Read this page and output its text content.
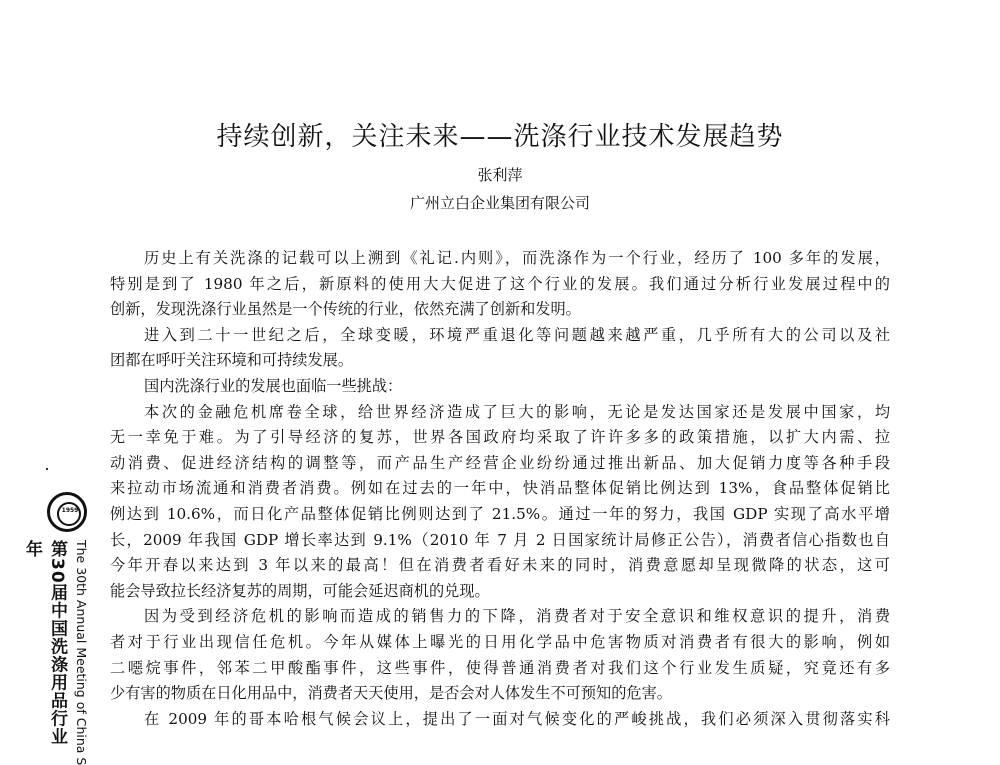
持续创新，关注未来——洗涤行业技术发展趋势
张利萍
广州立白企业集团有限公司
历史上有关洗涤的记载可以上溯到《礼记.内则》，而洗涤作为一个行业，经历了 100 多年的发展，
特别是到了 1980 年之后，新原料的使用大大促进了这个行业的发展。我们通过分析行业发展过程中的
创新，发现洗涤行业虽然是一个传统的行业，依然充满了创新和发明。
进入到二十一世纪之后，全球变暖，环境严重退化等问题越来越严重，几乎所有大的公司以及社
团都在呼吁关注环境和可持续发展。
国内洗涤行业的发展也面临一些挑战：
本次的金融危机席卷全球，给世界经济造成了巨大的影响，无论是发达国家还是发展中国家，均
无一幸免于难。为了引导经济的复苏，世界各国政府均采取了许许多多的政策措施，以扩大内需、拉
动消费、促进经济结构的调整等，而产品生产经营企业纷纷通过推出新品、加大促销力度等各种手段
来拉动市场流通和消费者消费。例如在过去的一年中，快消品整体促销比例达到 13%，食品整体促销比
例达到 10.6%，而日化产品整体促销比例则达到了 21.5%。通过一年的努力，我国 GDP 实现了高水平增
长，2009 年我国 GDP 增长率达到 9.1%（2010 年 7 月 2 日国家统计局修正公告），消费者信心指数也自
今年开春以来达到 3 年以来的最高！但在消费者看好未来的同时，消费意愿却呈现微降的状态，这可
能会导致拉长经济复苏的周期，可能会延迟商机的兑现。
因为受到经济危机的影响而造成的销售力的下降，消费者对于安全意识和维权意识的提升，消费
者对于行业出现信任危机。今年从媒体上曝光的日用化学品中危害物质对消费者有很大的影响，例如
二噁烷事件，邻苯二甲酸酯事件，这些事件，使得普通消费者对我们这个行业发生质疑，究竟还有多
少有害的物质在日化用品中，消费者天天使用，是否会对人体发生不可预知的危害。
在 2009 年的哥本哈根气候会议上，提出了一面对气候变化的严峻挑战，我们必须深入贯彻落实科
1959
第30届中国洗涤用品行业年	The 30th Annual Meeting of China S
